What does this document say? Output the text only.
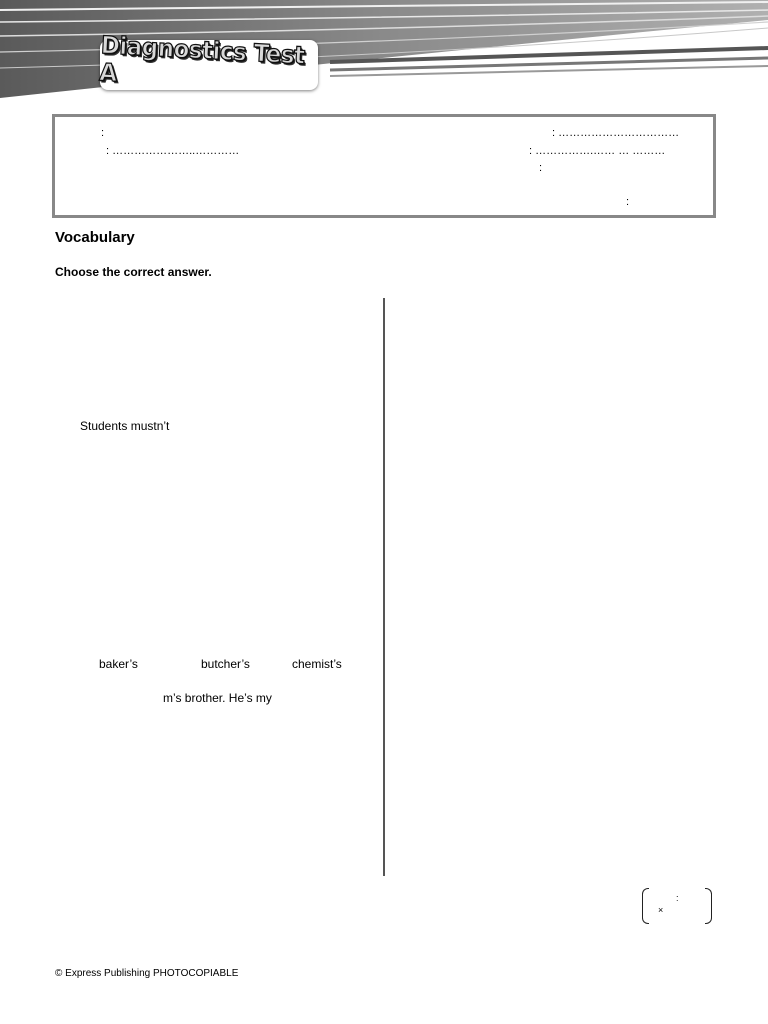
Diagnostics Test A
:	: ……………………………
: …………………..…………	: …………….…… … ………
:
:
Vocabulary
Choose the correct answer.
Students mustn’t
baker’s	butcher’s	chemist’s
m’s brother. He’s my
:
×
© Express Publishing PHOTOCOPIABLE
